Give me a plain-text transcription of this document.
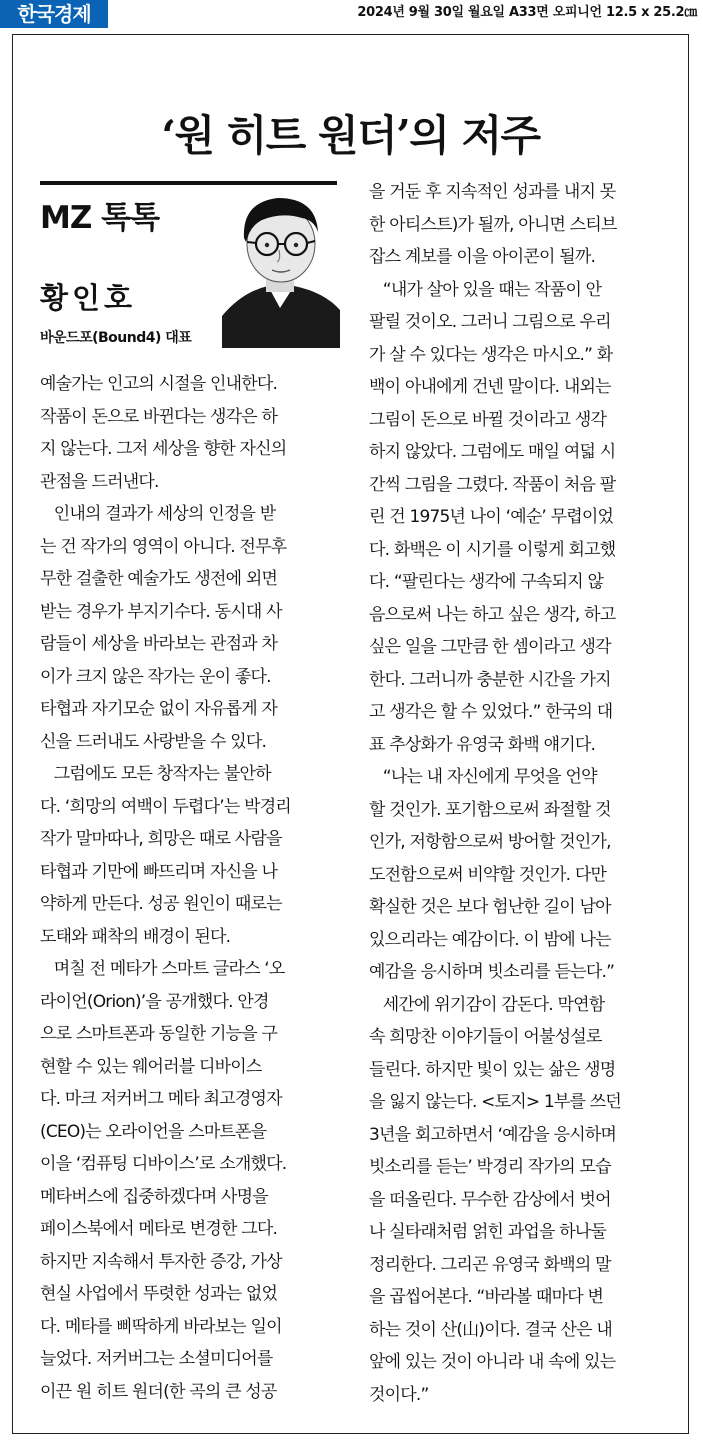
한국경제	2024년 9월 30일 월요일 A33면 오피니언 12.5 x 25.2㎝
‘원 히트 원더’의 저주
MZ 톡톡
황인호
바운드포(Bound4) 대표
예술가는 인고의 시절을 인내한다.
작품이 돈으로 바뀐다는 생각은 하
지 않는다. 그저 세상을 향한 자신의
관점을 드러낸다.
인내의 결과가 세상의 인정을 받
는 건 작가의 영역이 아니다. 전무후
무한 걸출한 예술가도 생전에 외면
받는 경우가 부지기수다. 동시대 사
람들이 세상을 바라보는 관점과 차
이가 크지 않은 작가는 운이 좋다.
타협과 자기모순 없이 자유롭게 자
신을 드러내도 사랑받을 수 있다.
그럼에도 모든 창작자는 불안하
다. ‘희망의 여백이 두렵다’는 박경리
작가 말마따나, 희망은 때로 사람을
타협과 기만에 빠뜨리며 자신을 나
약하게 만든다. 성공 원인이 때로는
도태와 패착의 배경이 된다.
며칠 전 메타가 스마트 글라스 ‘오
라이언(Orion)’을 공개했다. 안경
으로 스마트폰과 동일한 기능을 구
현할 수 있는 웨어러블 디바이스
다. 마크 저커버그 메타 최고경영자
(CEO)는 오라이언을 스마트폰을
이을 ‘컴퓨팅 디바이스’로 소개했다.
메타버스에 집중하겠다며 사명을
페이스북에서 메타로 변경한 그다.
하지만 지속해서 투자한 증강, 가상
현실 사업에서 뚜렷한 성과는 없었
다. 메타를 삐딱하게 바라보는 일이
늘었다. 저커버그는 소셜미디어를
이끈 원 히트 원더(한 곡의 큰 성공
을 거둔 후 지속적인 성과를 내지 못
한 아티스트)가 될까, 아니면 스티브
잡스 계보를 이을 아이콘이 될까.
“내가 살아 있을 때는 작품이 안
팔릴 것이오. 그러니 그림으로 우리
가 살 수 있다는 생각은 마시오.” 화
백이 아내에게 건넨 말이다. 내외는
그림이 돈으로 바뀔 것이라고 생각
하지 않았다. 그럼에도 매일 여덟 시
간씩 그림을 그렸다. 작품이 처음 팔
린 건 1975년 나이 ‘예순’ 무렵이었
다. 화백은 이 시기를 이렇게 회고했
다. “팔린다는 생각에 구속되지 않
음으로써 나는 하고 싶은 생각, 하고
싶은 일을 그만큼 한 셈이라고 생각
한다. 그러니까 충분한 시간을 가지
고 생각은 할 수 있었다.” 한국의 대
표 추상화가 유영국 화백 얘기다.
“나는 내 자신에게 무엇을 언약
할 것인가. 포기함으로써 좌절할 것
인가, 저항함으로써 방어할 것인가,
도전함으로써 비약할 것인가. 다만
확실한 것은 보다 험난한 길이 남아
있으리라는 예감이다. 이 밤에 나는
예감을 응시하며 빗소리를 듣는다.”
세간에 위기감이 감돈다. 막연함
속 희망찬 이야기들이 어불성설로
들린다. 하지만 빛이 있는 삶은 생명
을 잃지 않는다. <토지> 1부를 쓰던
3년을 회고하면서 ‘예감을 응시하며
빗소리를 듣는’ 박경리 작가의 모습
을 떠올린다. 무수한 감상에서 벗어
나 실타래처럼 얽힌 과업을 하나둘
정리한다. 그리곤 유영국 화백의 말
을 곱씹어본다. “바라볼 때마다 변
하는 것이 산(山)이다. 결국 산은 내
앞에 있는 것이 아니라 내 속에 있는
것이다.”
